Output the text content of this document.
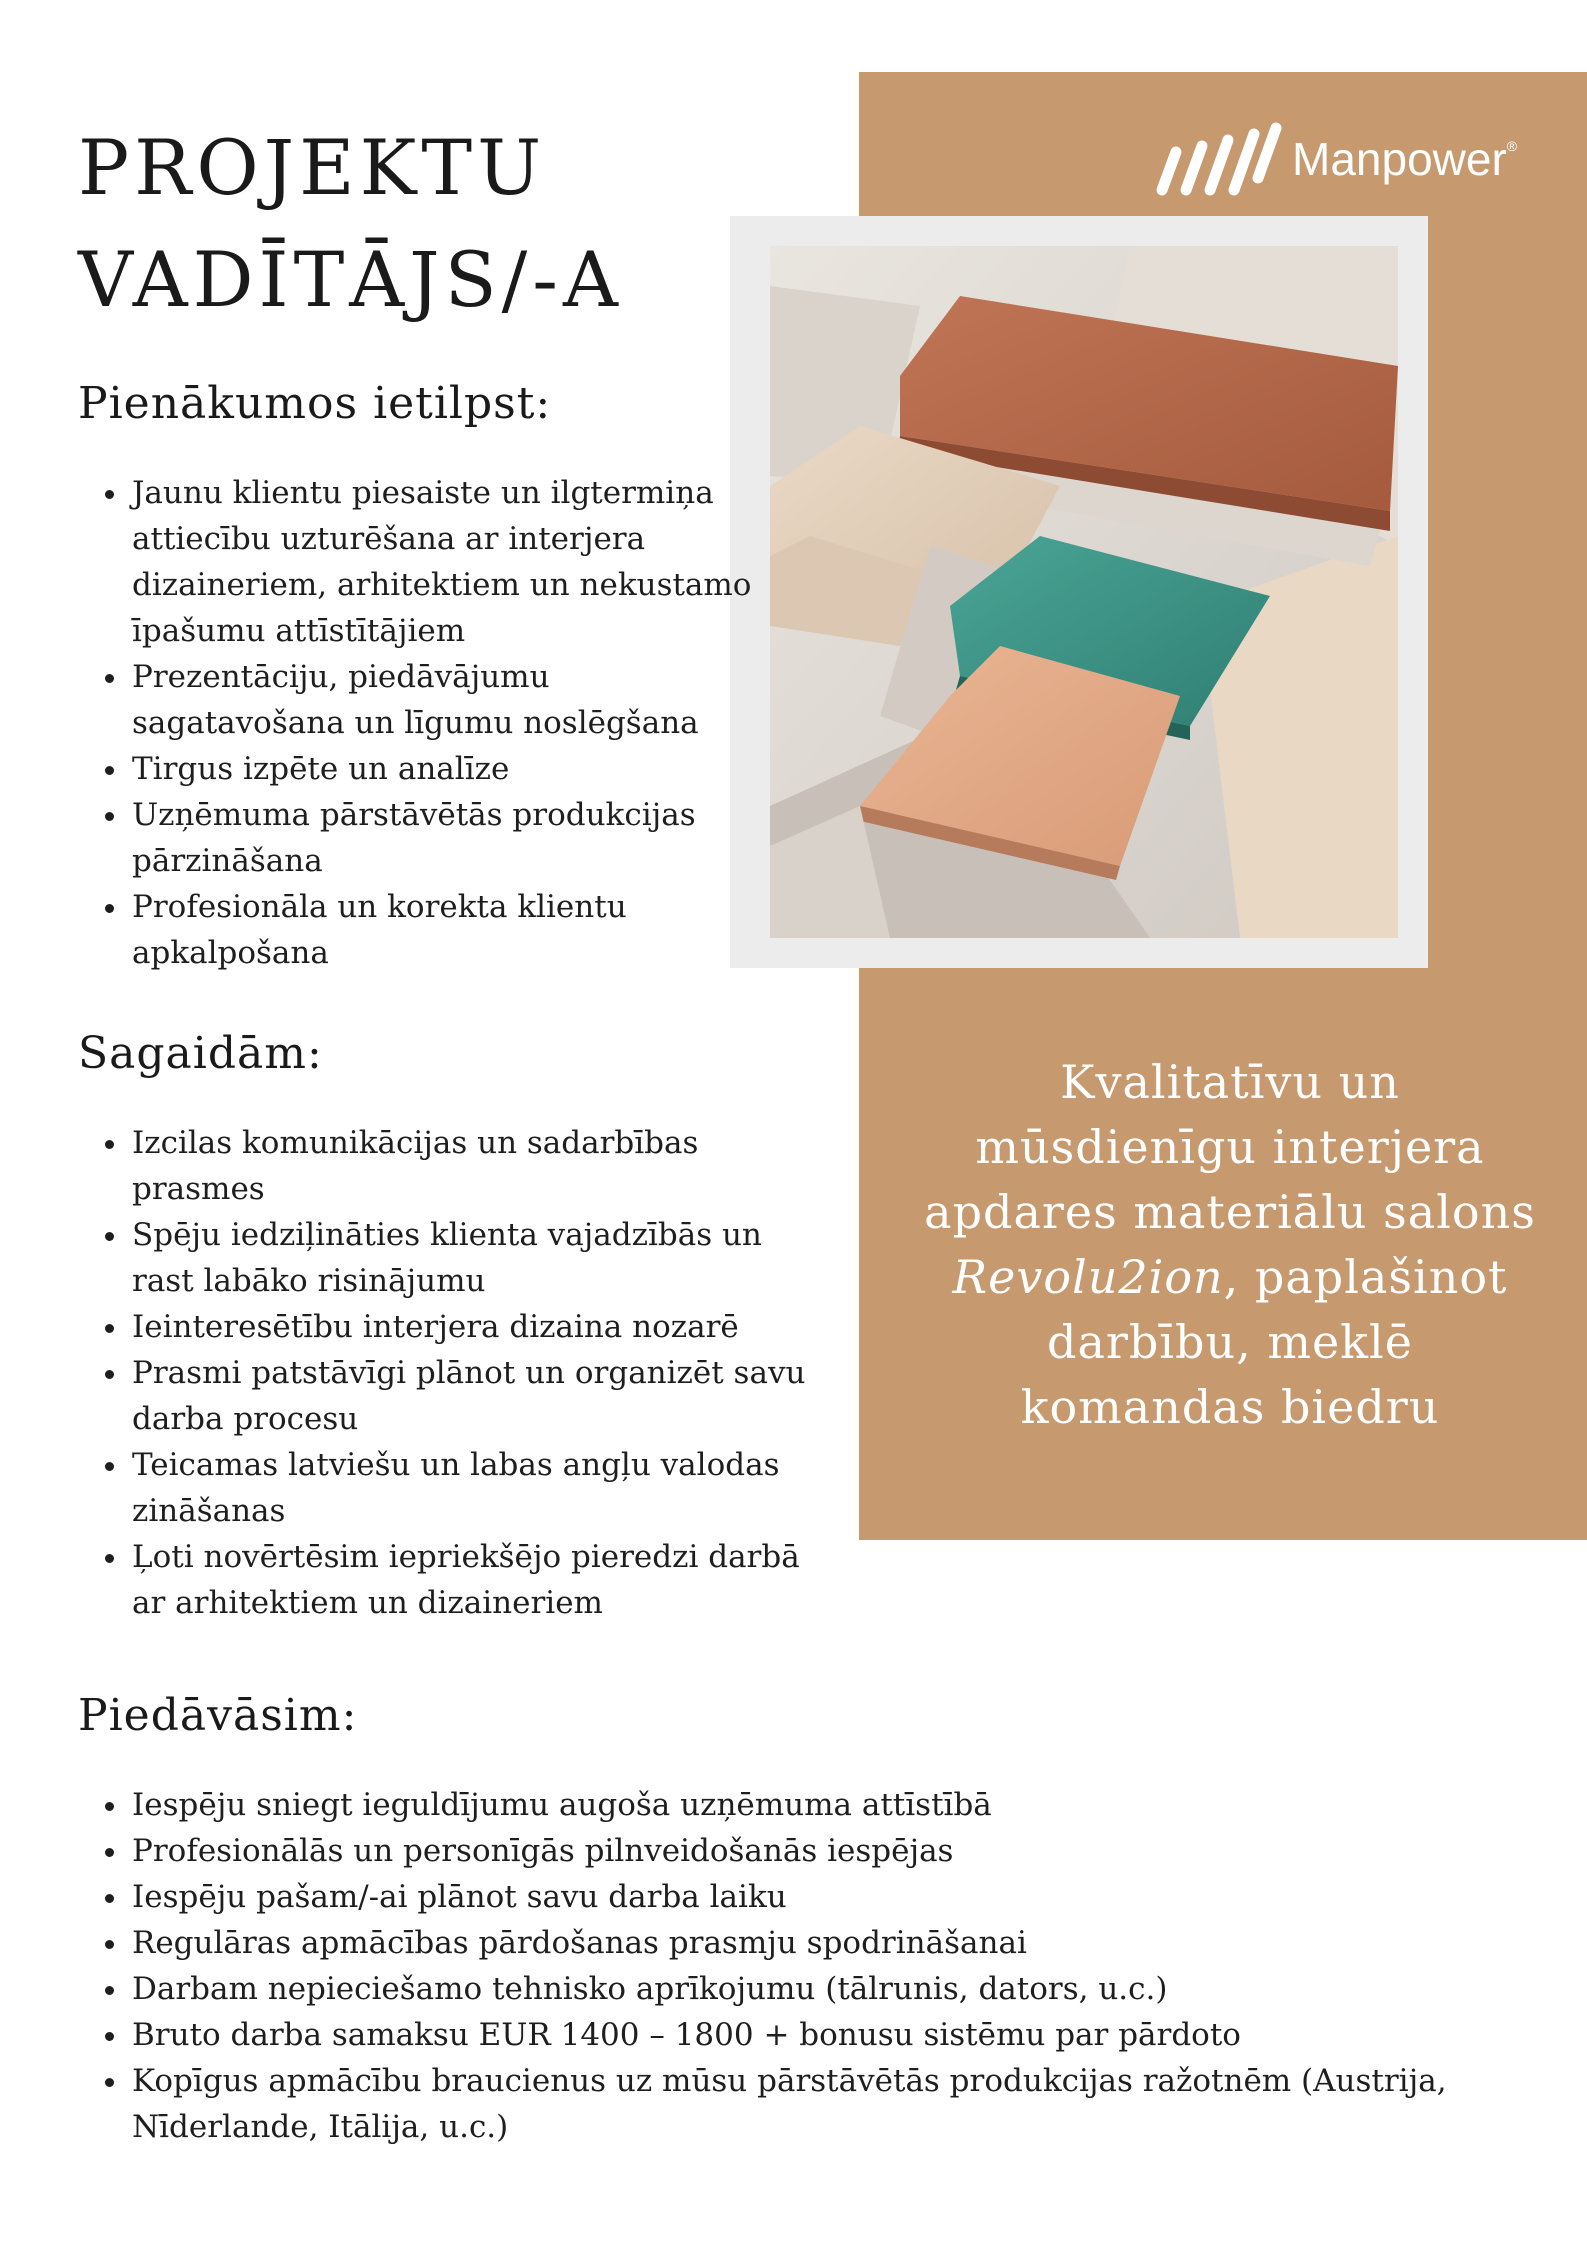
PROJEKTU
VADĪTĀJS/-A
Manpower®

Kvalitatīvu un
mūsdienīgu interjera
apdares materiālu salons
Revolu2ion, paplašinot
darbību, meklē
komandas biedru

Pienākumos ietilpst:
• Jaunu klientu piesaiste un ilgtermiņa attiecību uzturēšana ar interjera dizaineriem, arhitektiem un nekustamo īpašumu attīstītājiem
• Prezentāciju, piedāvājumu sagatavošana un līgumu noslēgšana
• Tirgus izpēte un analīze
• Uzņēmuma pārstāvētās produkcijas pārzināšana
• Profesionāla un korekta klientu apkalpošana
Sagaidām:
• Izcilas komunikācijas un sadarbības prasmes
• Spēju iedziļināties klienta vajadzībās un rast labāko risinājumu
• Ieinteresētību interjera dizaina nozarē
• Prasmi patstāvīgi plānot un organizēt savu darba procesu
• Teicamas latviešu un labas angļu valodas zināšanas
• Ļoti novērtēsim iepriekšējo pieredzi darbā ar arhitektiem un dizaineriem
Piedāvāsim:
• Iespēju sniegt ieguldījumu augoša uzņēmuma attīstībā
• Profesionālās un personīgās pilnveidošanās iespējas
• Iespēju pašam/-ai plānot savu darba laiku
• Regulāras apmācības pārdošanas prasmju spodrināšanai
• Darbam nepieciešamo tehnisko aprīkojumu (tālrunis, dators, u.c.)
• Bruto darba samaksu EUR 1400 – 1800 + bonusu sistēmu par pārdoto
• Kopīgus apmācību braucienus uz mūsu pārstāvētās produkcijas ražotnēm (Austrija, Nīderlande, Itālija, u.c.)
